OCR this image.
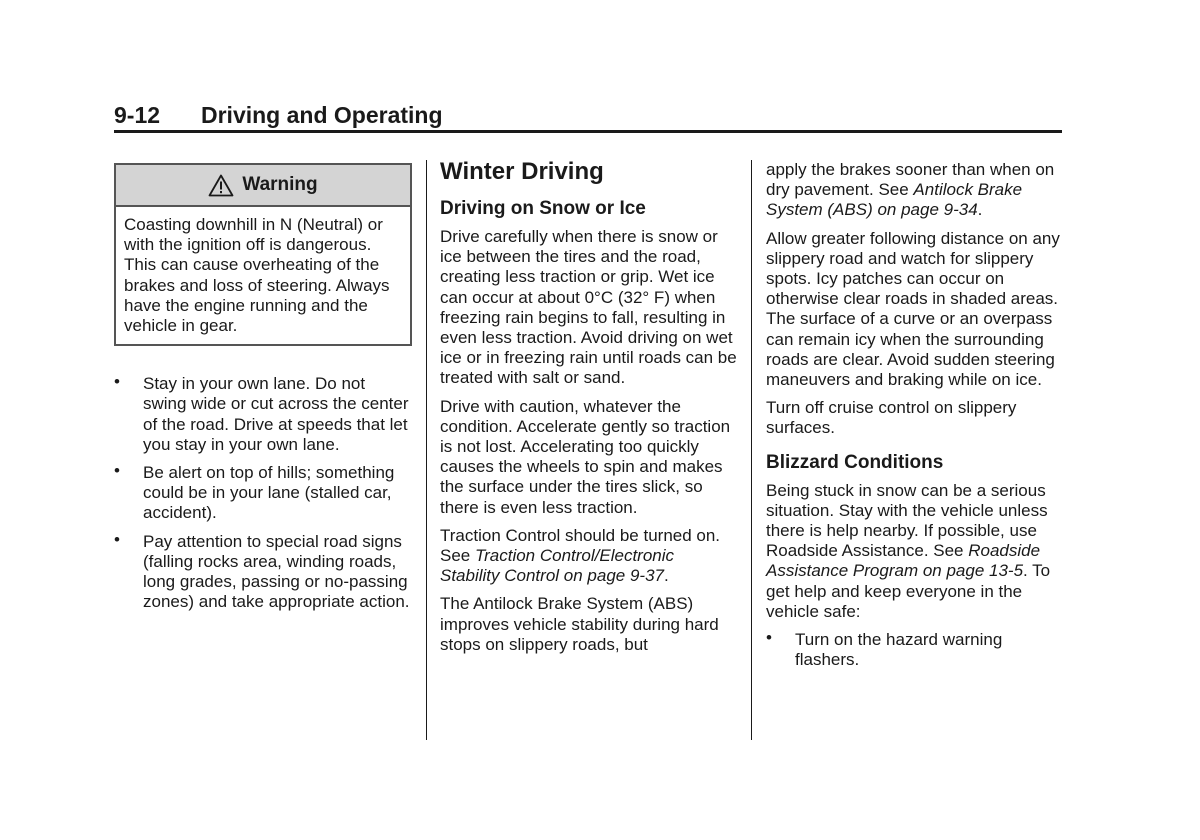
9-12 Driving and Operating
Warning
Coasting downhill in N (Neutral) or with the ignition off is dangerous. This can cause overheating of the brakes and loss of steering. Always have the engine running and the vehicle in gear.
• Stay in your own lane. Do not swing wide or cut across the center of the road. Drive at speeds that let you stay in your own lane.
• Be alert on top of hills; something could be in your lane (stalled car, accident).
• Pay attention to special road signs (falling rocks area, winding roads, long grades, passing or no-passing zones) and take appropriate action.
Winter Driving
Driving on Snow or Ice

Drive carefully when there is snow or ice between the tires and the road, creating less traction or grip. Wet ice can occur at about 0°C (32° F) when freezing rain begins to fall, resulting in even less traction. Avoid driving on wet ice or in freezing rain until roads can be treated with salt or sand.

Drive with caution, whatever the condition. Accelerate gently so traction is not lost. Accelerating too quickly causes the wheels to spin and makes the surface under the tires slick, so there is even less traction.

Traction Control should be turned on. See Traction Control/Electronic Stability Control on page 9‑37.

The Antilock Brake System (ABS) improves vehicle stability during hard stops on slippery roads, but

apply the brakes sooner than when on dry pavement. See Antilock Brake System (ABS) on page 9‑34.

Allow greater following distance on any slippery road and watch for slippery spots. Icy patches can occur on otherwise clear roads in shaded areas. The surface of a curve or an overpass can remain icy when the surrounding roads are clear. Avoid sudden steering maneuvers and braking while on ice.

Turn off cruise control on slippery surfaces.

Blizzard Conditions

Being stuck in snow can be a serious situation. Stay with the vehicle unless there is help nearby. If possible, use Roadside Assistance. See Roadside Assistance Program on page 13‑5. To get help and keep everyone in the vehicle safe:

• Turn on the hazard warning flashers.
